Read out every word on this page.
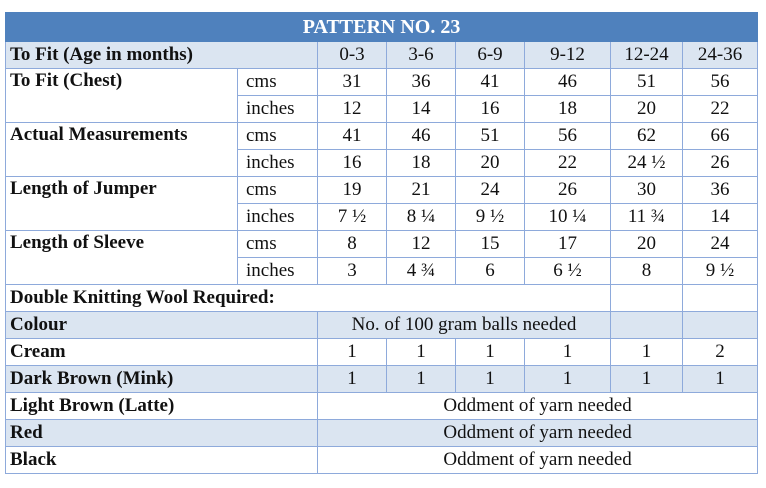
PATTERN NO. 23							
To Fit (Age in months)		0-3	3-6	6-9	9-12	12-24	24-36
To Fit (Chest)	cms	31	36	41	46	51	56
	inches	12	14	16	18	20	22
Actual Measurements	cms	41	46	51	56	62	66
	inches	16	18	20	22	24 ½	26
Length of Jumper	cms	19	21	24	26	30	36
	inches	7 ½	8 ¼	9 ½	10 ¼	11 ¾	14
Length of Sleeve	cms	8	12	15	17	20	24
	inches	3	4 ¾	6	6 ½	8	9 ½
Double Knitting Wool Required:							
Colour		No. of 100 gram balls needed					
Cream		1	1	1	1	1	2
Dark Brown (Mink)		1	1	1	1	1	1
Light Brown (Latte)		Oddment of yarn needed					
Red		Oddment of yarn needed					
Black		Oddment of yarn needed					
